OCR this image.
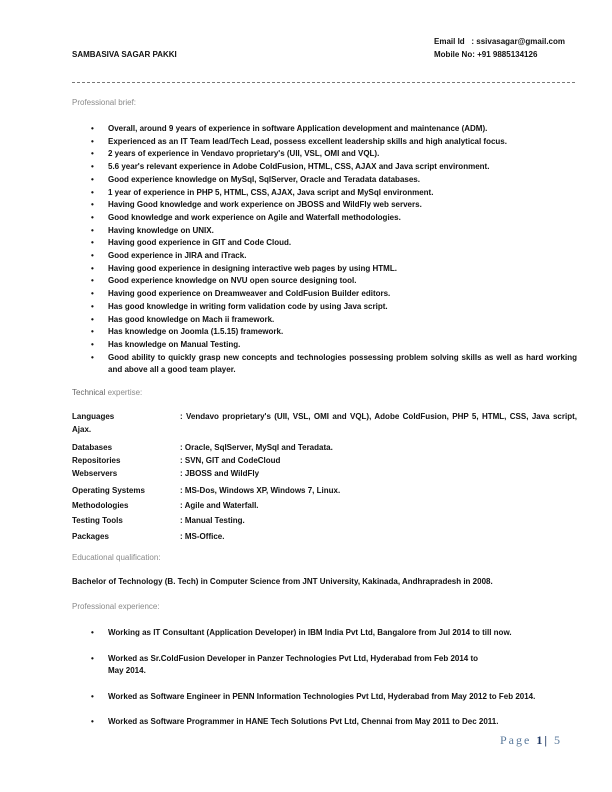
Email Id   : ssivasagar@gmail.com
SAMBASIVA SAGAR PAKKI	Mobile No: +91 9885134126
Professional brief:
• Overall, around 9 years of experience in software Application development and maintenance (ADM).
• Experienced as an IT Team lead/Tech Lead, possess excellent leadership skills and high analytical focus.
• 2 years of experience in Vendavo proprietary's (UII, VSL, OMI and VQL).
• 5.6 year's relevant experience in Adobe ColdFusion, HTML, CSS, AJAX and Java script environment.
• Good experience knowledge on MySql, SqlServer, Oracle and Teradata databases.
• 1 year of experience in PHP 5, HTML, CSS, AJAX, Java script and MySql environment.
• Having Good knowledge and work experience on JBOSS and WildFly web servers.
• Good knowledge and work experience on Agile and Waterfall methodologies.
• Having knowledge on UNIX.
• Having good experience in GIT and Code Cloud.
• Good experience in JIRA and iTrack.
• Having good experience in designing interactive web pages by using HTML.
• Good experience knowledge on NVU open source designing tool.
• Having good experience on Dreamweaver and ColdFusion Builder editors.
• Has good knowledge in writing form validation code by using Java script.
• Has good knowledge on Mach ii framework.
• Has knowledge on Joomla (1.5.15) framework.
• Has knowledge on Manual Testing.
• Good ability to quickly grasp new concepts and technologies possessing problem solving skills as well as hard working and above all a good team player.
Technical expertise:
Languages	: Vendavo proprietary's (UII, VSL, OMI and VQL), Adobe ColdFusion, PHP 5, HTML, CSS, Java script, Ajax.
Databases	: Oracle, SqlServer, MySql and Teradata.
Repositories	: SVN, GIT and CodeCloud
Webservers	: JBOSS and WildFly
Operating Systems	: MS-Dos, Windows XP, Windows 7, Linux.
Methodologies	: Agile and Waterfall.
Testing Tools	: Manual Testing.
Packages	: MS-Office.
Educational qualification:
Bachelor of Technology (B. Tech) in Computer Science from JNT University, Kakinada, Andhrapradesh in 2008.
Professional experience:
• Working as IT Consultant (Application Developer) in IBM India Pvt Ltd, Bangalore from Jul 2014 to till now.
• Worked as Sr.ColdFusion Developer in Panzer Technologies Pvt Ltd, Hyderabad from Feb 2014 to
May 2014.
• Worked as Software Engineer in PENN Information Technologies Pvt Ltd, Hyderabad from May 2012 to Feb 2014.
• Worked as Software Programmer in HANE Tech Solutions Pvt Ltd, Chennai from May 2011 to Dec 2011.
Page 1| 5
